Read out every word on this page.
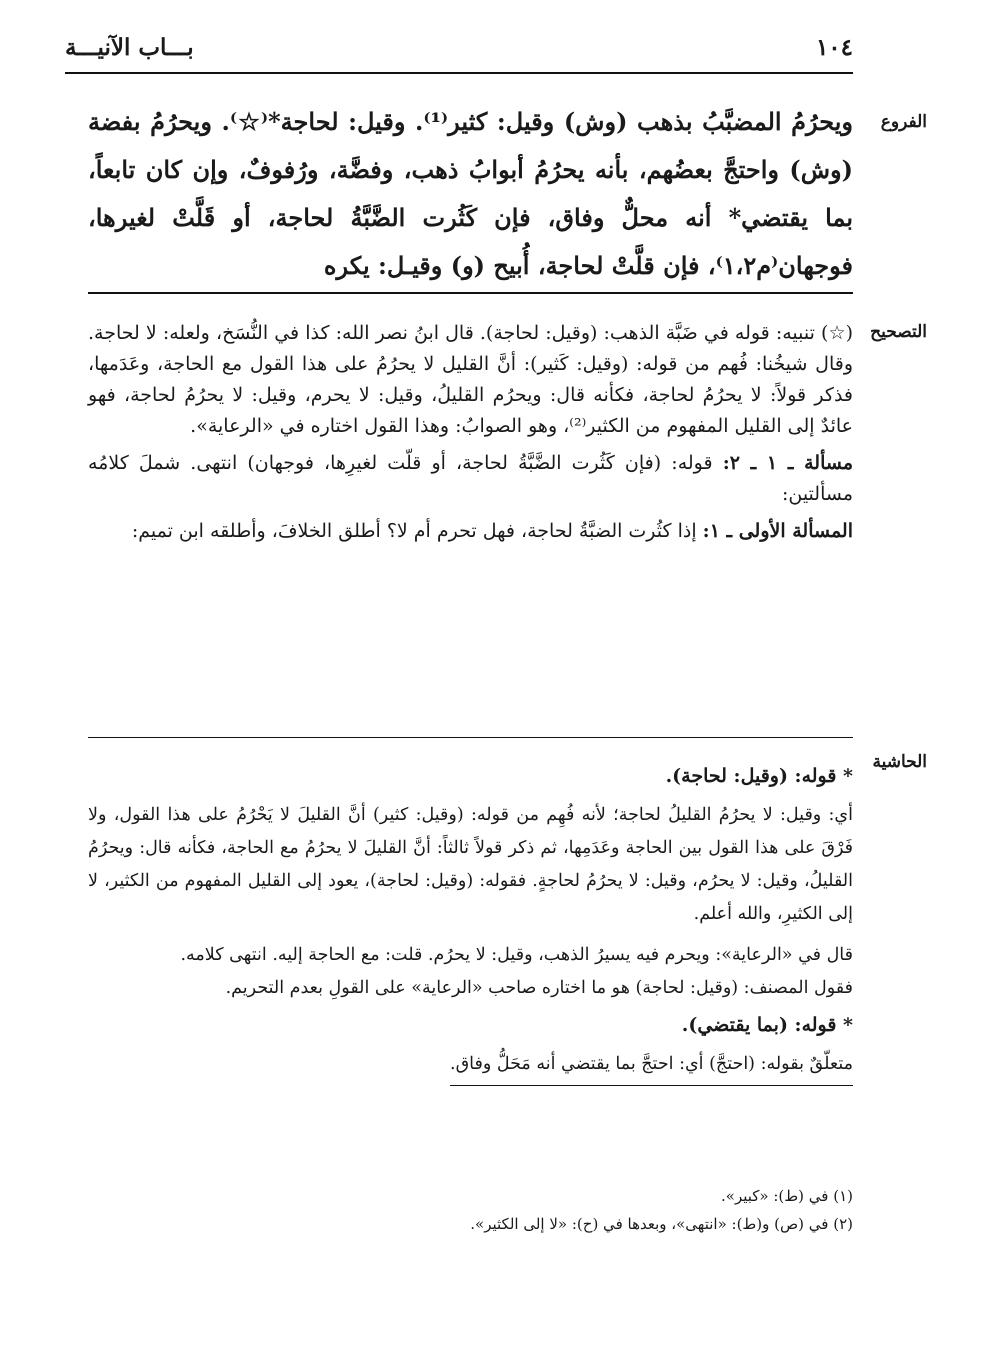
١٠٤
بـــاب الآنيـــة
الفروع
ويحرُمُ المضبَّبُ بذهب (وش) وقيل: كثير⁽¹⁾. وقيل: لحاجة*⁽☆⁾. ويحرُمُ بفضة (وش) واحتجَّ بعضُهم، بأنه يحرُمُ أبوابُ ذهب، وفضَّة، ورُفوفٌ، وإن كان تابعاً، بما يقتضي* أنه محلٌّ وفاق، فإن كَثُرت الضَّبَّةُ لحاجة، أو قَلَّتْ لغيرها، فوجهان⁽م١،٢⁾، فإن قلَّتْ لحاجة، أُبيح (و) وقيـل: يكره
التصحيح

(☆) تنبيه: قوله في ضَبَّة الذهب: (وقيل: لحاجة). قال ابنُ نصر الله: كذا في النُّسَخ، ولعله: لا لحاجة. وقال شيخُنا: فُهم من قوله: (وقيل: كَثير): أنَّ القليل لا يحرُمُ على هذا القول مع الحاجة، وعَدَمها، فذكر قولاً: لا يحرُمُ لحاجة، فكأنه قال: ويحرُم القليلُ، وقيل: لا يحرم، وقيل: لا يحرُمُ لحاجة، فهو عائدٌ إلى القليل المفهوم من الكثير⁽²⁾، وهو الصوابُ: وهذا القول اختاره في «الرعاية».

مسألة ـ ١ ـ ٢: قوله: (فإن كَثُرت الضَّبَّةُ لحاجة، أو قلّت لغيرِها، فوجهان) انتهى. شملَ كلامُه مسألتين:

المسألة الأولى ـ ١: إذا كثُرت الضبَّةُ لحاجة، فهل تحرم أم لا؟ أطلق الخلافَ، وأطلقه ابن تميم:

الحاشية

* قوله: (وقيل: لحاجة).

أي: وقيل: لا يحرُمُ القليلُ لحاجة؛ لأنه فُهِم من قوله: (وقيل: كثير) أنَّ القليلَ لا يَحْرُمُ على هذا القول، ولا فَرْقَ على هذا القول بين الحاجة وعَدَمِها، ثم ذكر قولاً ثالثاً: أنَّ القليلَ لا يحرُمُ مع الحاجة، فكأنه قال: ويحرُمُ القليلُ، وقيل: لا يحرُم، وقيل: لا يحرُمُ لحاجةٍ. فقوله: (وقيل: لحاجة)، يعود إلى القليل المفهوم من الكثير، لا إلى الكثيرِ، والله أعلم.

قال في «الرعاية»: ويحرم فيه يسيرُ الذهب، وقيل: لا يحرُم. قلت: مع الحاجة إليه. انتهى كلامه.

فقول المصنف: (وقيل: لحاجة) هو ما اختاره صاحب «الرعاية» على القولِ بعدم التحريم.

* قوله: (بما يقتضي).

متعلّقٌ بقوله: (احتجَّ) أي: احتجَّ بما يقتضي أنه مَحَلُّ وفاق.

(١) في (ط): «كبير».

(٢) في (ص) و(ط): «انتهى»، وبعدها في (ح): «لا إلى الكثير».
